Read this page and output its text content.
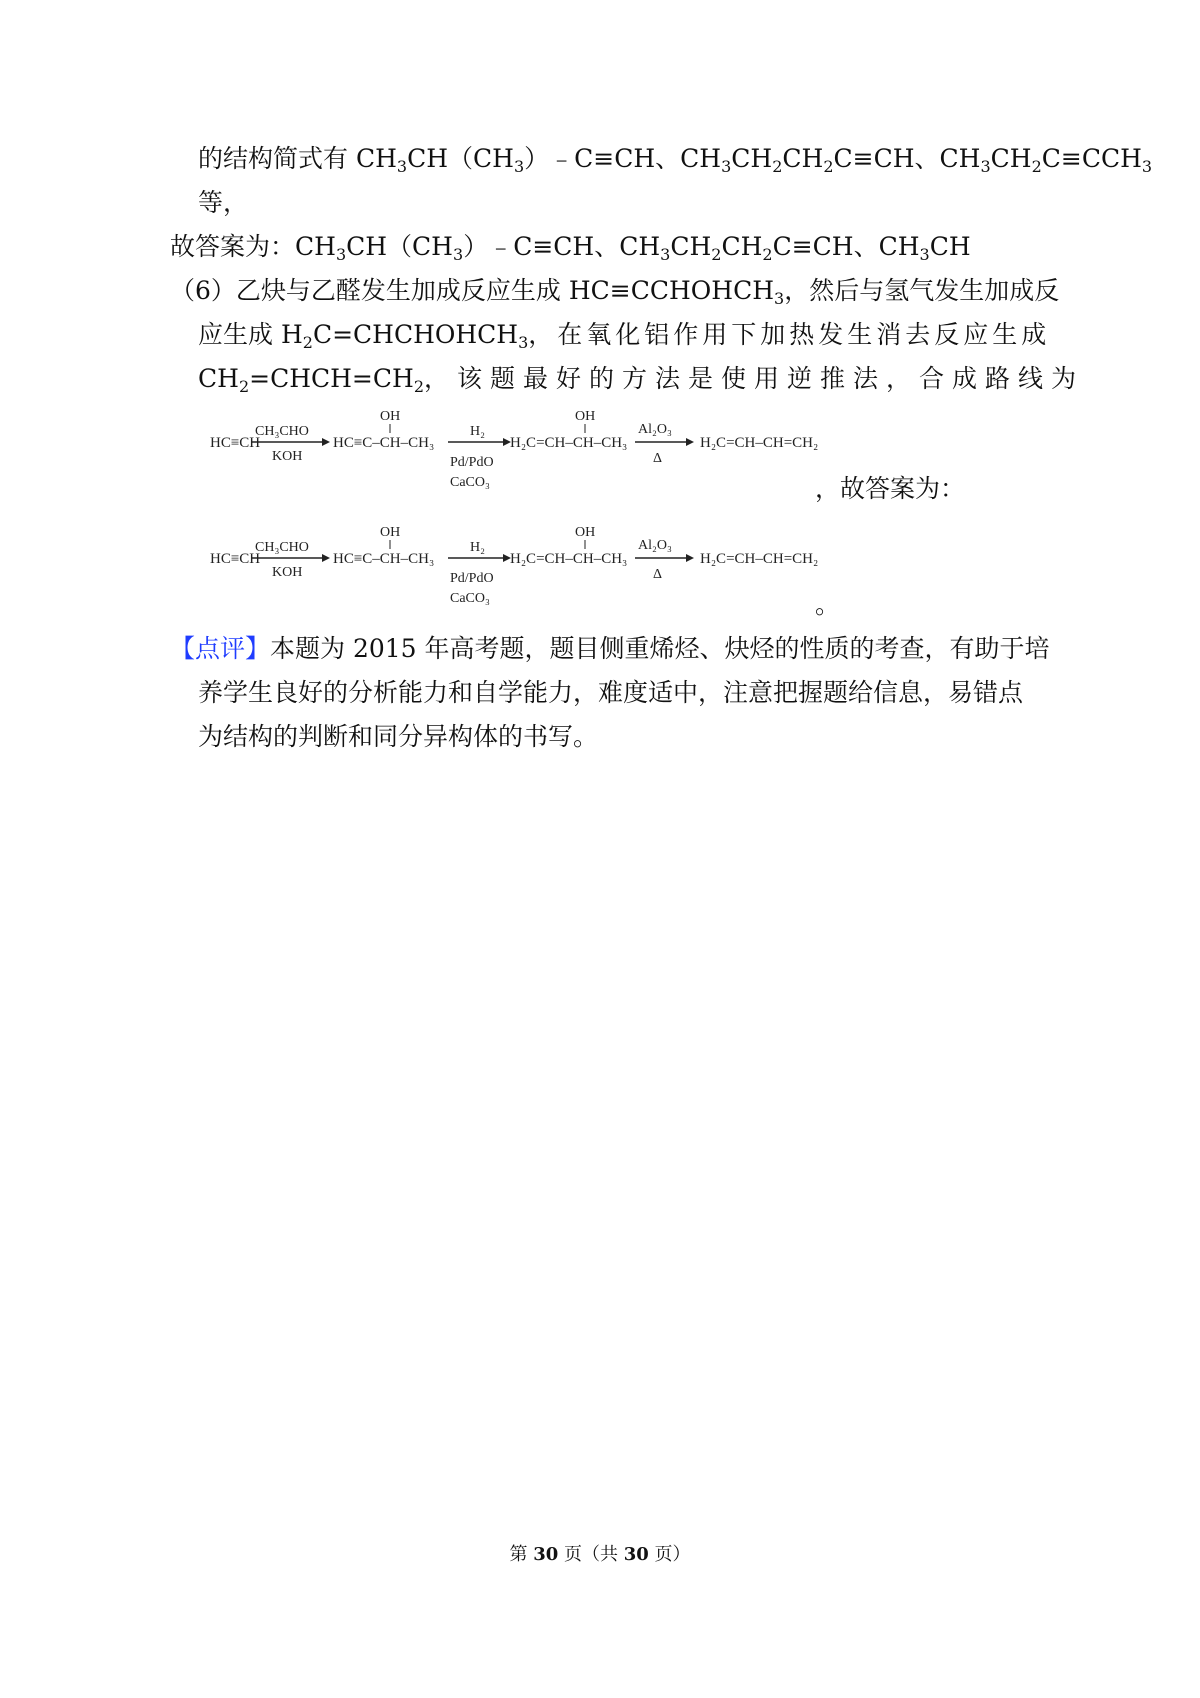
的结构简式有 $CH_3CH(CH_3)﹣C\equiv CH$、$CH_3CH_2CH_2C\equiv CH$、$CH_3CH_2C\equiv CCH_3$
等，
故答案为：$CH_3CH(CH_3)﹣C\equiv CH$、$CH_3CH_2CH_2C\equiv CH$、$CH_3CH$
（6）乙炔与乙醛发生加成反应生成 $HC\equiv CCHOHCH_3$，然后与氢气发生加成反
应生成 H $_2C=CHCHOHCH_3$，在氧化铝作用下加热发生消去反应生成
$CH_2=CHCH=CH_2$ ，该题最好的方法是使用逆推法，合成路线为
HC≡CH
CH₃CHO
KOH
OH
HC≡C–CH–CH₃
H₂
Pd/PdO
CaCO₃
OH
H₂C=CH–CH–CH₃
Al₂O₃
Δ
H₂C=CH–CH=CH₂
，故答案为：
HC≡CH
CH₃CHO
KOH
OH
HC≡C–CH–CH₃
H₂
Pd/PdO
CaCO₃
OH
H₂C=CH–CH–CH₃
Al₂O₃
Δ
H₂C=CH–CH=CH₂
。
【点评】本题为 2015 年高考题，题目侧重烯烃、炔烃的性质的考查，有助于培
养学生良好的分析能力和自学能力，难度适中，注意把握题给信息，易错点
为结构的判断和同分异构体的书写。
第 30 页（共 30 页）
